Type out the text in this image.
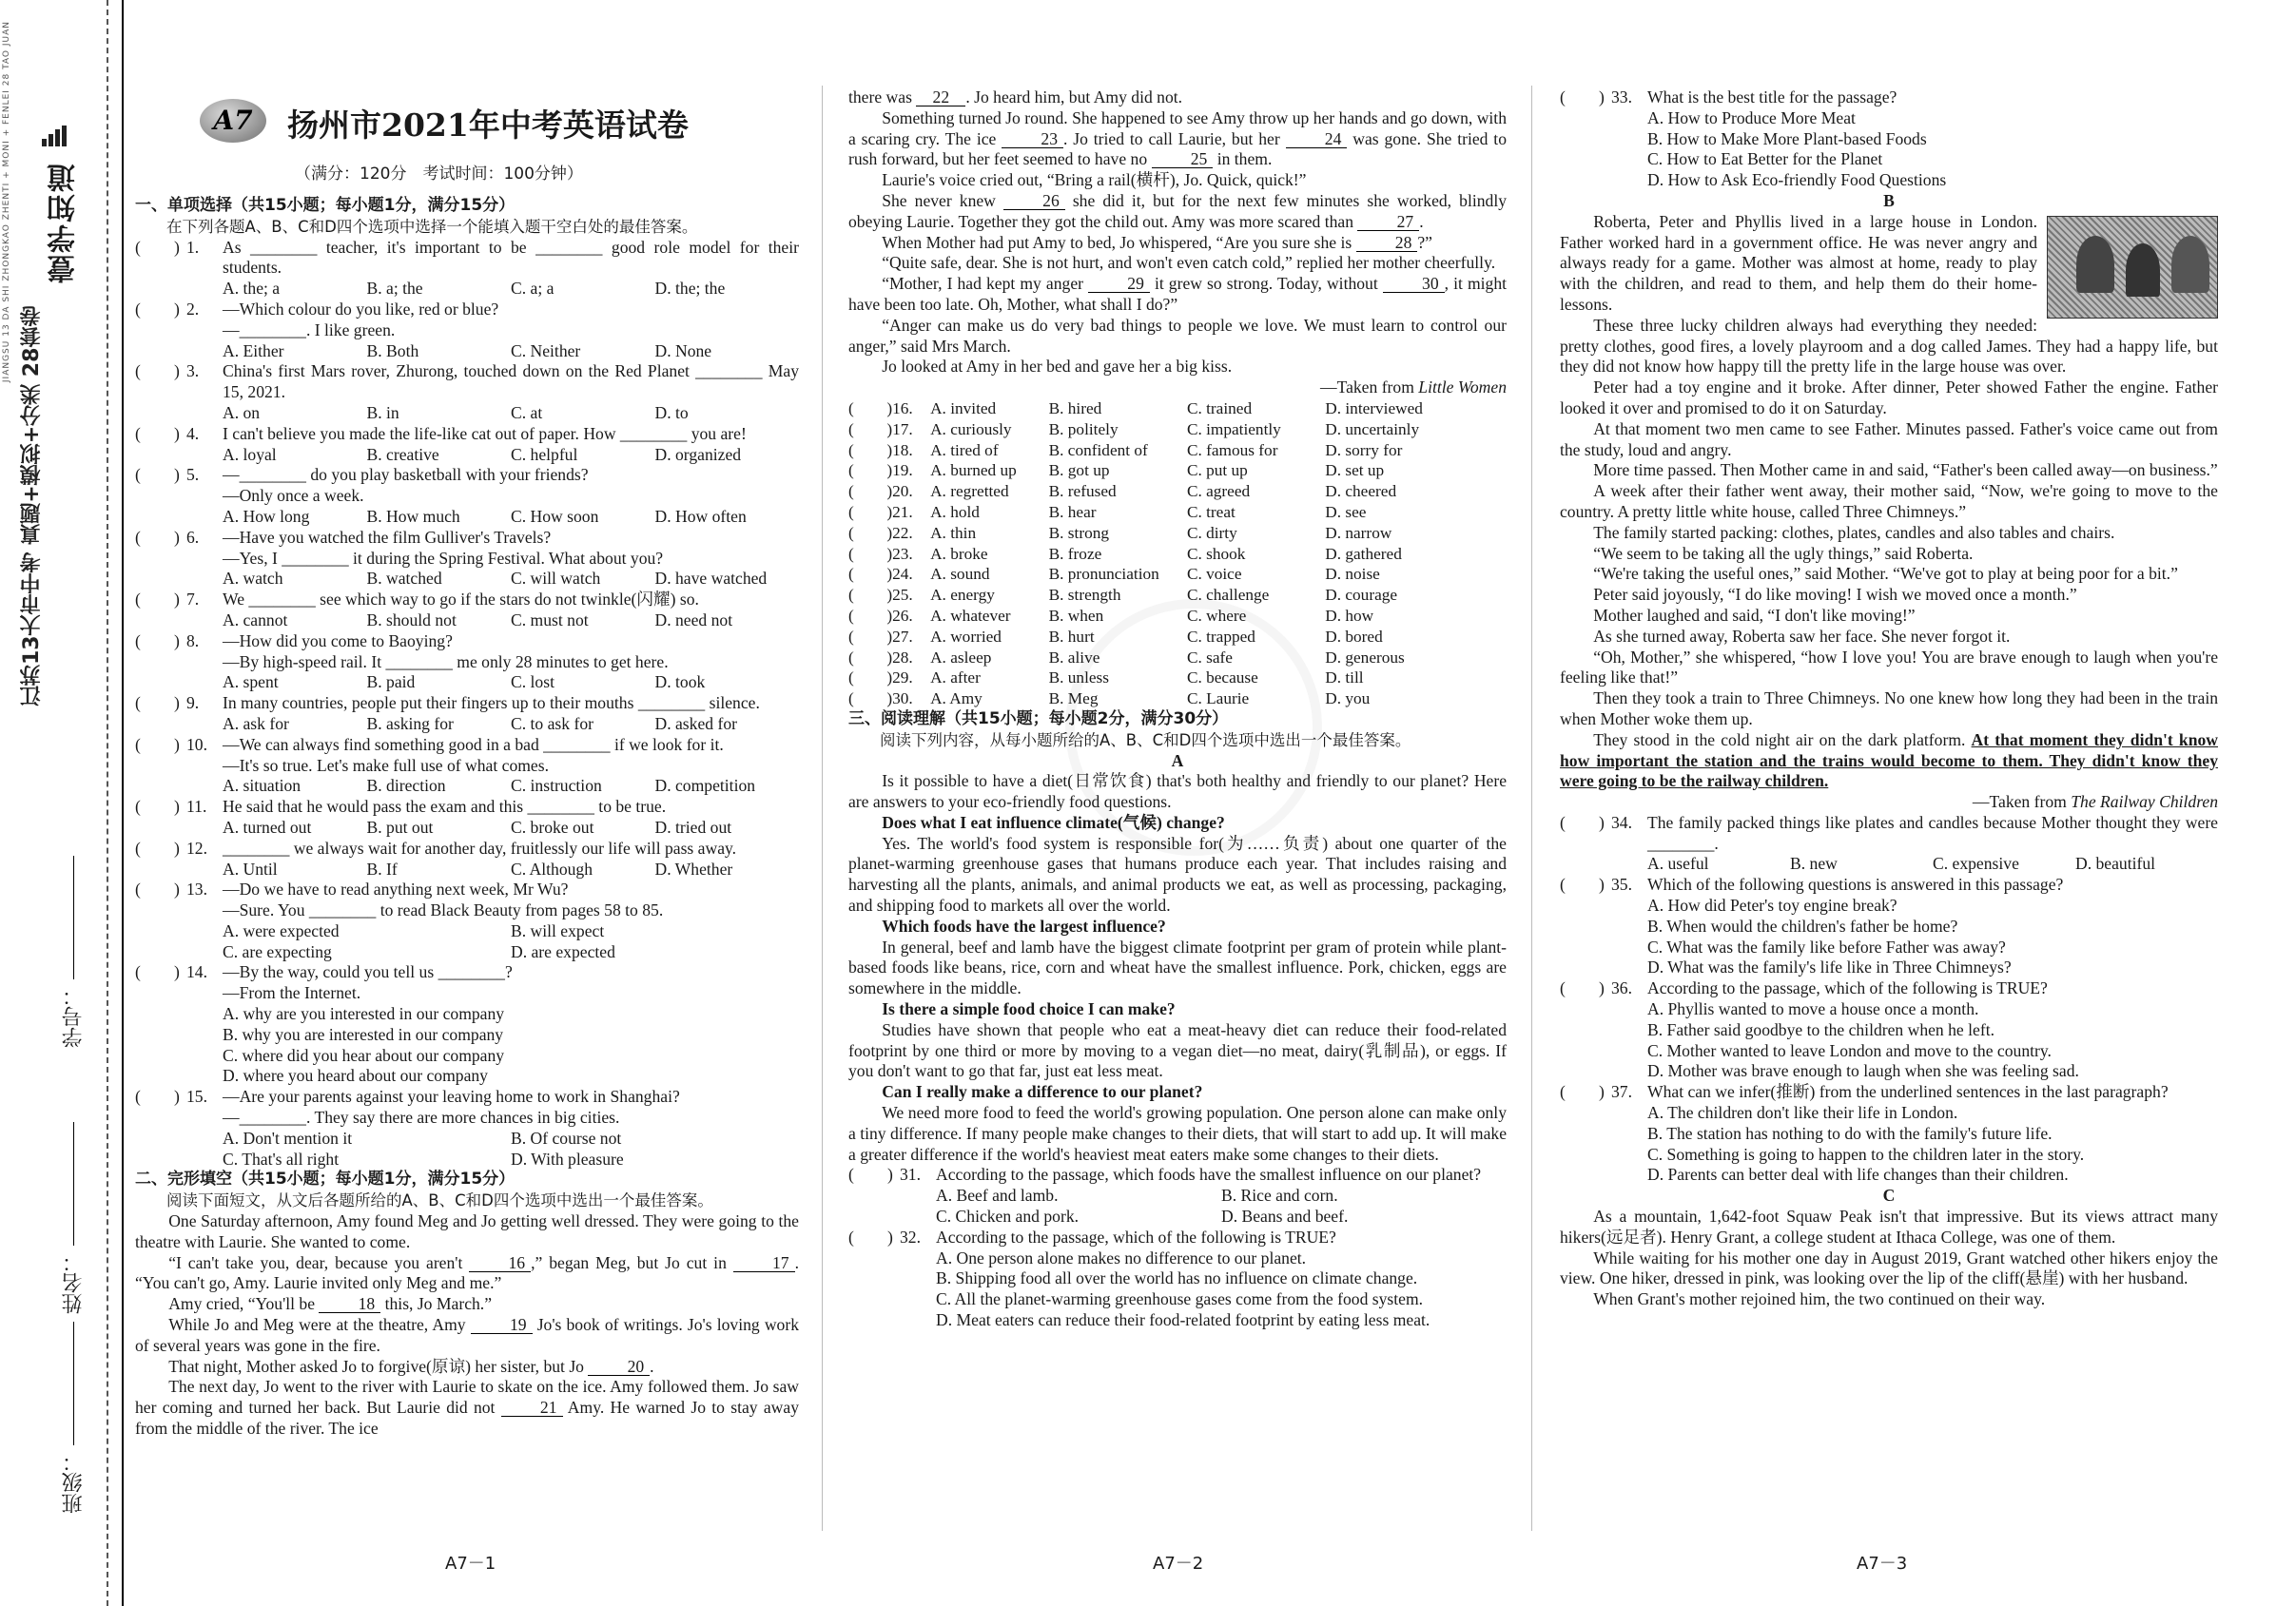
JIANGSU 13 DA SHI ZHONGKAO ZHENTI + MONI + FENLEI 28 TAO JUAN
江苏13大市中考 真题+模拟+分类 28套卷
壹学知道
班级：
姓名：
学号：
A7	扬州市2021年中考英语试卷
（满分：120分　考试时间：100分钟）

一、单项选择（共15小题；每小题1分，满分15分）

在下列各题A、B、C和D四个选项中选择一个能填入题干空白处的最佳答案。

(　　) 1.	As ________ teacher, it's important to be ________ good role model for their students.
A. the; a	B. a; the	C. a; a	D. the; the
(　　) 2.	—Which colour do you like, red or blue?
—________. I like green.
A. Either	B. Both	C. Neither	D. None
(　　) 3.	China's first Mars rover, Zhurong, touched down on the Red Planet ________ May 15, 2021.
A. on	B. in	C. at	D. to
(　　) 4.	I can't believe you made the life-like cat out of paper. How ________ you are!
A. loyal	B. creative	C. helpful	D. organized
(　　) 5.	—________ do you play basketball with your friends?
—Only once a week.
A. How long	B. How much	C. How soon	D. How often
(　　) 6.	—Have you watched the film Gulliver's Travels?
—Yes, I ________ it during the Spring Festival. What about you?
A. watch	B. watched	C. will watch	D. have watched
(　　) 7.	We ________ see which way to go if the stars do not twinkle(闪耀) so.
A. cannot	B. should not	C. must not	D. need not
(　　) 8.	—How did you come to Baoying?
—By high-speed rail. It ________ me only 28 minutes to get here.
A. spent	B. paid	C. lost	D. took
(　　) 9.	In many countries, people put their fingers up to their mouths ________ silence.
A. ask for	B. asking for	C. to ask for	D. asked for
(　　) 10. —We can always find something good in a bad ________ if we look for it.
—It's so true. Let's make full use of what comes.
A. situation	B. direction	C. instruction	D. competition
(　　) 11. He said that he would pass the exam and this ________ to be true.
A. turned out	B. put out	C. broke out	D. tried out
(　　) 12. ________ we always wait for another day, fruitlessly our life will pass away.
A. Until	B. If	C. Although	D. Whether
(　　) 13. —Do we have to read anything next week, Mr Wu?
—Sure. You ________ to read Black Beauty from pages 58 to 85.
A. were expected	B. will expect
C. are expecting	D. are expected
(　　) 14. —By the way, could you tell us ________?
—From the Internet.
A. why are you interested in our company
B. why you are interested in our company
C. where did you hear about our company
D. where you heard about our company
(　　) 15. —Are your parents against your leaving home to work in Shanghai?
—________. They say there are more chances in big cities.
A. Don't mention it	B. Of course not
C. That's all right	D. With pleasure

二、完形填空（共15小题；每小题1分，满分15分）

阅读下面短文，从文后各题所给的A、B、C和D四个选项中选出一个最佳答案。

One Saturday afternoon, Amy found Meg and Jo getting well dressed. They were going to the theatre with Laurie. She wanted to come.

“I can't take you, dear, because you aren't 16 ,” began Meg, but Jo cut in 17 . “You can't go, Amy. Laurie invited only Meg and me.”

Amy cried, “You'll be 18 this, Jo March.”

While Jo and Meg were at the theatre, Amy 19 Jo's book of writings. Jo's loving work of several years was gone in the fire.

That night, Mother asked Jo to forgive(原谅) her sister, but Jo 20 .

The next day, Jo went to the river with Laurie to skate on the ice. Amy followed them. Jo saw her coming and turned her back. But Laurie did not 21 Amy. He warned Jo to stay away from the middle of the river. The ice

there was 22 . Jo heard him, but Amy did not.

Something turned Jo round. She happened to see Amy throw up her hands and go down, with a scaring cry. The ice 23 . Jo tried to call Laurie, but her 24 was gone. She tried to rush forward, but her feet seemed to have no 25 in them.

Laurie's voice cried out, “Bring a rail(横杆), Jo. Quick, quick!”

She never knew 26 she did it, but for the next few minutes she worked, blindly obeying Laurie. Together they got the child out. Amy was more scared than 27 .

When Mother had put Amy to bed, Jo whispered, “Are you sure she is 28 ?”

“Quite safe, dear. She is not hurt, and won't even catch cold,” replied her mother cheerfully.

“Mother, I had kept my anger 29 it grew so strong. Today, without 30 , it might have been too late. Oh, Mother, what shall I do?”

“Anger can make us do very bad things to people we love. We must learn to control our anger,” said Mrs March.

Jo looked at Amy in her bed and gave her a big kiss.

—Taken from Little Women

(　　)	16.	A. invited	B. hired	C. trained	D. interviewed
(　　)	17.	A. curiously	B. politely	C. impatiently	D. uncertainly
(　　)	18.	A. tired of	B. confident of	C. famous for	D. sorry for
(　　)	19.	A. burned up	B. got up	C. put up	D. set up
(　　)	20.	A. regretted	B. refused	C. agreed	D. cheered
(　　)	21.	A. hold	B. hear	C. treat	D. see
(　　)	22.	A. thin	B. strong	C. dirty	D. narrow
(　　)	23.	A. broke	B. froze	C. shook	D. gathered
(　　)	24.	A. sound	B. pronunciation	C. voice	D. noise
(　　)	25.	A. energy	B. strength	C. challenge	D. courage
(　　)	26.	A. whatever	B. when	C. where	D. how
(　　)	27.	A. worried	B. hurt	C. trapped	D. bored
(　　)	28.	A. asleep	B. alive	C. safe	D. generous
(　　)	29.	A. after	B. unless	C. because	D. till
(　　)	30.	A. Amy	B. Meg	C. Laurie	D. you

三、阅读理解（共15小题；每小题2分，满分30分）

阅读下列内容，从每小题所给的A、B、C和D四个选项中选出一个最佳答案。

A

Is it possible to have a diet(日常饮食) that's both healthy and friendly to our planet? Here are answers to your eco-friendly food questions.

Does what I eat influence climate(气候) change?

Yes. The world's food system is responsible for(为……负责) about one quarter of the planet-warming greenhouse gases that humans produce each year. That includes raising and harvesting all the plants, animals, and animal products we eat, as well as processing, packaging, and shipping food to markets all over the world.

Which foods have the largest influence?

In general, beef and lamb have the biggest climate footprint per gram of protein while plant-based foods like beans, rice, corn and wheat have the smallest influence. Pork, chicken, eggs are somewhere in the middle.

Is there a simple food choice I can make?

Studies have shown that people who eat a meat-heavy diet can reduce their food-related footprint by one third or more by moving to a vegan diet—no meat, dairy(乳制品), or eggs. If you don't want to go that far, just eat less meat.

Can I really make a difference to our planet?

We need more food to feed the world's growing population. One person alone can make only a tiny difference. If many people make changes to their diets, that will start to add up. It will make a greater difference if the world's heaviest meat eaters make some changes to their diets.

(　　) 31. According to the passage, which foods have the smallest influence on our planet?
A. Beef and lamb.	B. Rice and corn.
C. Chicken and pork.	D. Beans and beef.
(　　) 32. According to the passage, which of the following is TRUE?
A. One person alone makes no difference to our planet.
B. Shipping food all over the world has no influence on climate change.
C. All the planet-warming greenhouse gases come from the food system.
D. Meat eaters can reduce their food-related footprint by eating less meat.
(　　) 33. What is the best title for the passage?
A. How to Produce More Meat
B. How to Make More Plant-based Foods
C. How to Eat Better for the Planet
D. How to Ask Eco-friendly Food Questions

B

Roberta, Peter and Phyllis lived in a large house in London. Father worked hard in a government office. He was never angry and always ready for a game. Mother was almost at home, ready to play with the children, and read to them, and help them do their home-lessons.

These three lucky children always had everything they needed: pretty clothes, good fires, a lovely playroom and a dog called James. They had a happy life, but they did not know how happy till the pretty life in the large house was over.

Peter had a toy engine and it broke. After dinner, Peter showed Father the engine. Father looked it over and promised to do it on Saturday.

At that moment two men came to see Father. Minutes passed. Father's voice came out from the study, loud and angry.

More time passed. Then Mother came in and said, “Father's been called away—on business.”

A week after their father went away, their mother said, “Now, we're going to move to the country. A pretty little white house, called Three Chimneys.”

The family started packing: clothes, plates, candles and also tables and chairs.

“We seem to be taking all the ugly things,” said Roberta.

“We're taking the useful ones,” said Mother. “We've got to play at being poor for a bit.”

Peter said joyously, “I do like moving! I wish we moved once a month.”

Mother laughed and said, “I don't like moving!”

As she turned away, Roberta saw her face. She never forgot it.

“Oh, Mother,” she whispered, “how I love you! You are brave enough to laugh when you're feeling like that!”

Then they took a train to Three Chimneys. No one knew how long they had been in the train when Mother woke them up.

They stood in the cold night air on the dark platform. At that moment they didn't know how important the station and the trains would become to them. They didn't know they were going to be the railway children.

—Taken from The Railway Children

(　　) 34. The family packed things like plates and candles because Mother thought they were ________.
A. useful	B. new	C. expensive	D. beautiful
(　　) 35. Which of the following questions is answered in this passage?
A. How did Peter's toy engine break?
B. When would the children's father be home?
C. What was the family like before Father was away?
D. What was the family's life like in Three Chimneys?
(　　) 36. According to the passage, which of the following is TRUE?
A. Phyllis wanted to move a house once a month.
B. Father said goodbye to the children when he left.
C. Mother wanted to leave London and move to the country.
D. Mother was brave enough to laugh when she was feeling sad.
(　　) 37. What can we infer(推断) from the underlined sentences in the last paragraph?
A. The children don't like their life in London.
B. The station has nothing to do with the family's future life.
C. Something is going to happen to the children later in the story.
D. Parents can better deal with life changes than their children.

C

As a mountain, 1,642-foot Squaw Peak isn't that impressive. But its views attract many hikers(远足者). Henry Grant, a college student at Ithaca College, was one of them.

While waiting for his mother one day in August 2019, Grant watched other hikers enjoy the view. One hiker, dressed in pink, was looking over the lip of the cliff(悬崖) with her husband.

When Grant's mother rejoined him, the two continued on their way.

A7－1	A7－2	A7－3
